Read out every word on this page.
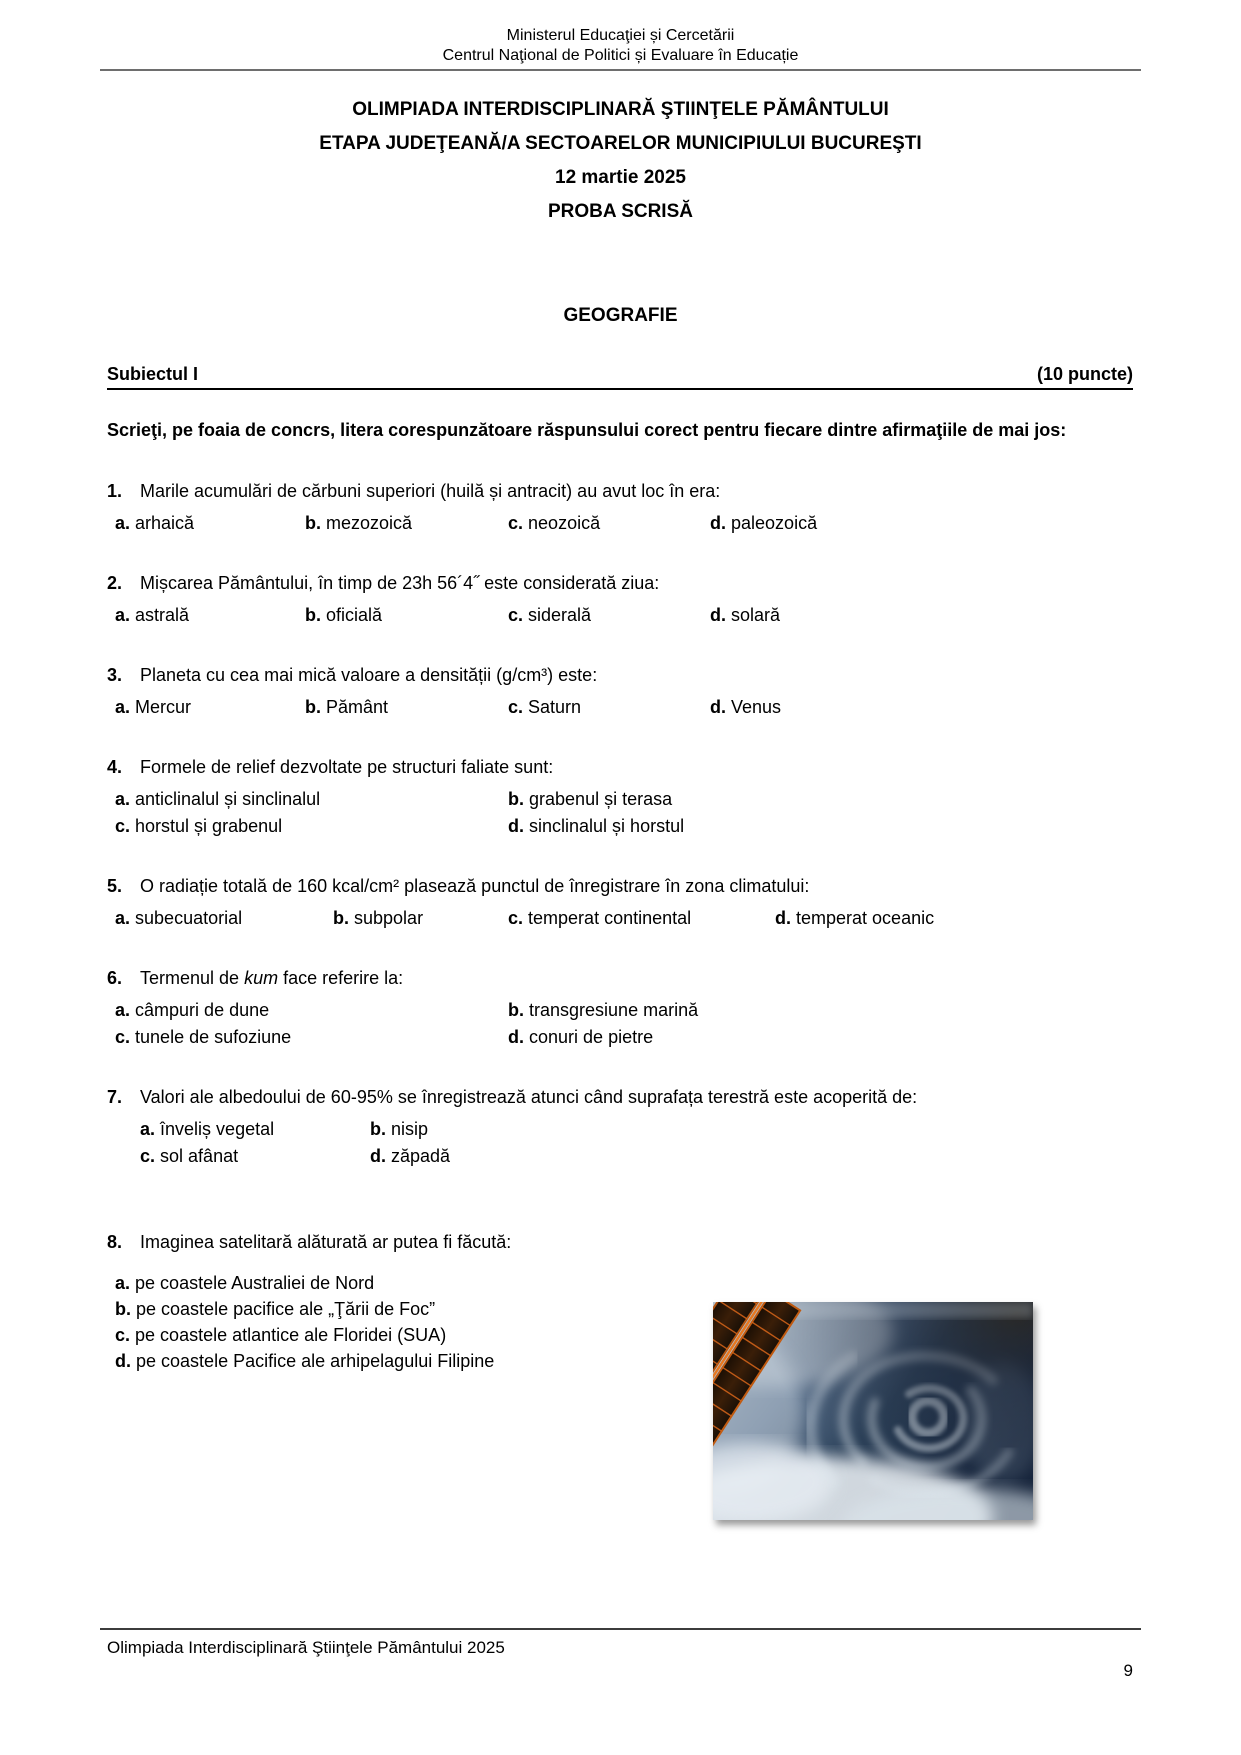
Ministerul Educaţiei și Cercetării
Centrul Naţional de Politici și Evaluare în Educație
OLIMPIADA INTERDISCIPLINARĂ ŞTIINŢELE PĂMÂNTULUI
ETAPA JUDEŢEANĂ/A SECTOARELOR MUNICIPIULUI BUCUREŞTI
12 martie 2025
PROBA SCRISĂ
GEOGRAFIE
Subiectul I	(10 puncte)

Scrieţi, pe foaia de concrs, litera corespunzătoare răspunsului corect pentru fiecare dintre afirmaţiile de mai jos:

1. Marile acumulări de cărbuni superiori (huilă și antracit) au avut loc în era:
a. arhaică	b. mezozoică	c. neozoică	d. paleozoică
2. Mișcarea Pământului, în timp de 23h 56´4˝ este considerată ziua:
a. astrală	b. oficială	c. siderală	d. solară
3. Planeta cu cea mai mică valoare a densității (g/cm³) este:
a. Mercur	b. Pământ	c. Saturn	d. Venus
4. Formele de relief dezvoltate pe structuri faliate sunt:
a. anticlinalul și sinclinalul	b. grabenul și terasa
c. horstul și grabenul	d. sinclinalul și horstul
5. O radiație totală de 160 kcal/cm² plasează punctul de înregistrare în zona climatului:
a. subecuatorial	b. subpolar	c. temperat continental	d. temperat oceanic
6. Termenul de kum face referire la:
a. câmpuri de dune	b. transgresiune marină
c. tunele de sufoziune	d. conuri de pietre
7. Valori ale albedoului de 60-95% se înregistrează atunci când suprafața terestră este acoperită de:
a. înveliș vegetal	b. nisip
c. sol afânat	d. zăpadă
8. Imaginea satelitară alăturată ar putea fi făcută:
a. pe coastele Australiei de Nord
b. pe coastele pacifice ale „Ţării de Foc”
c. pe coastele atlantice ale Floridei (SUA)
d. pe coastele Pacifice ale arhipelagului Filipine
Olimpiada Interdisciplinară Ştiinţele Pământului 2025
9
